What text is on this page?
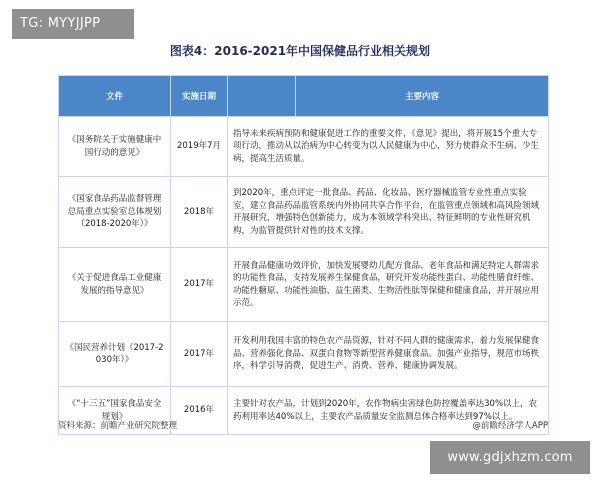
TG: MYYJJPP
图表4：2016-2021年中国保健品行业相关规划
文件	实施日期		主要内容
《国务院关于实施健康中国行动的意见》	2019年7月	指导未来疾病预防和健康促进工作的重要文件，《意见》提出，将开展15个重大专项行动，推动从以治病为中心转变为以人民健康为中心，努力使群众不生病、少生病，提高生活质量。	
《国家食品药品监督管理总局重点实验室总体规划（2018-2020年）》	2018年	到2020年，重点评定一批食品、药品、化妆品、医疗器械监管专业性重点实验室，建立食品药品监管系统内外协同共享合作平台，在监管重点领域和高风险领域开展研究，增强特色创新能力，成为本领域学科突出、特征鲜明的专业性研究机构，为监管提供针对性的技术支撑。	
《关于促进食品工业健康发展的指导意见》	2017年	开展食品健康功效评价，加快发展婴幼儿配方食品、老年食品和满足特定人群需求的功能性食品，支持发展养生保健食品，研究开发功能性蛋白、功能性膳食纤维、功能性糖原、功能性油脂、益生菌类、生物活性肽等保健和健康食品，并开展应用示范。	
《国民营养计划（2017-2030年）》	2017年	开发利用我国丰富的特色农产品资源，针对不同人群的健康需求，着力发展保健食品、营养强化食品、双蛋白食物等新型营养健康食品。加强产业指导，规范市场秩序，科学引导消费，促进生产、消费、营养、健康协调发展。	
《“十三五”国家食品安全规划》	2016年	主要针对农产品，计划到2020年，农作物病虫害绿色防控覆盖率达30%以上，农药利用率达40%以上，主要农产品质量安全监测总体合格率达到97%以上。	
资料来源：前瞻产业研究院整理	@前瞻经济学人APP
www.gdjxhzm.com
